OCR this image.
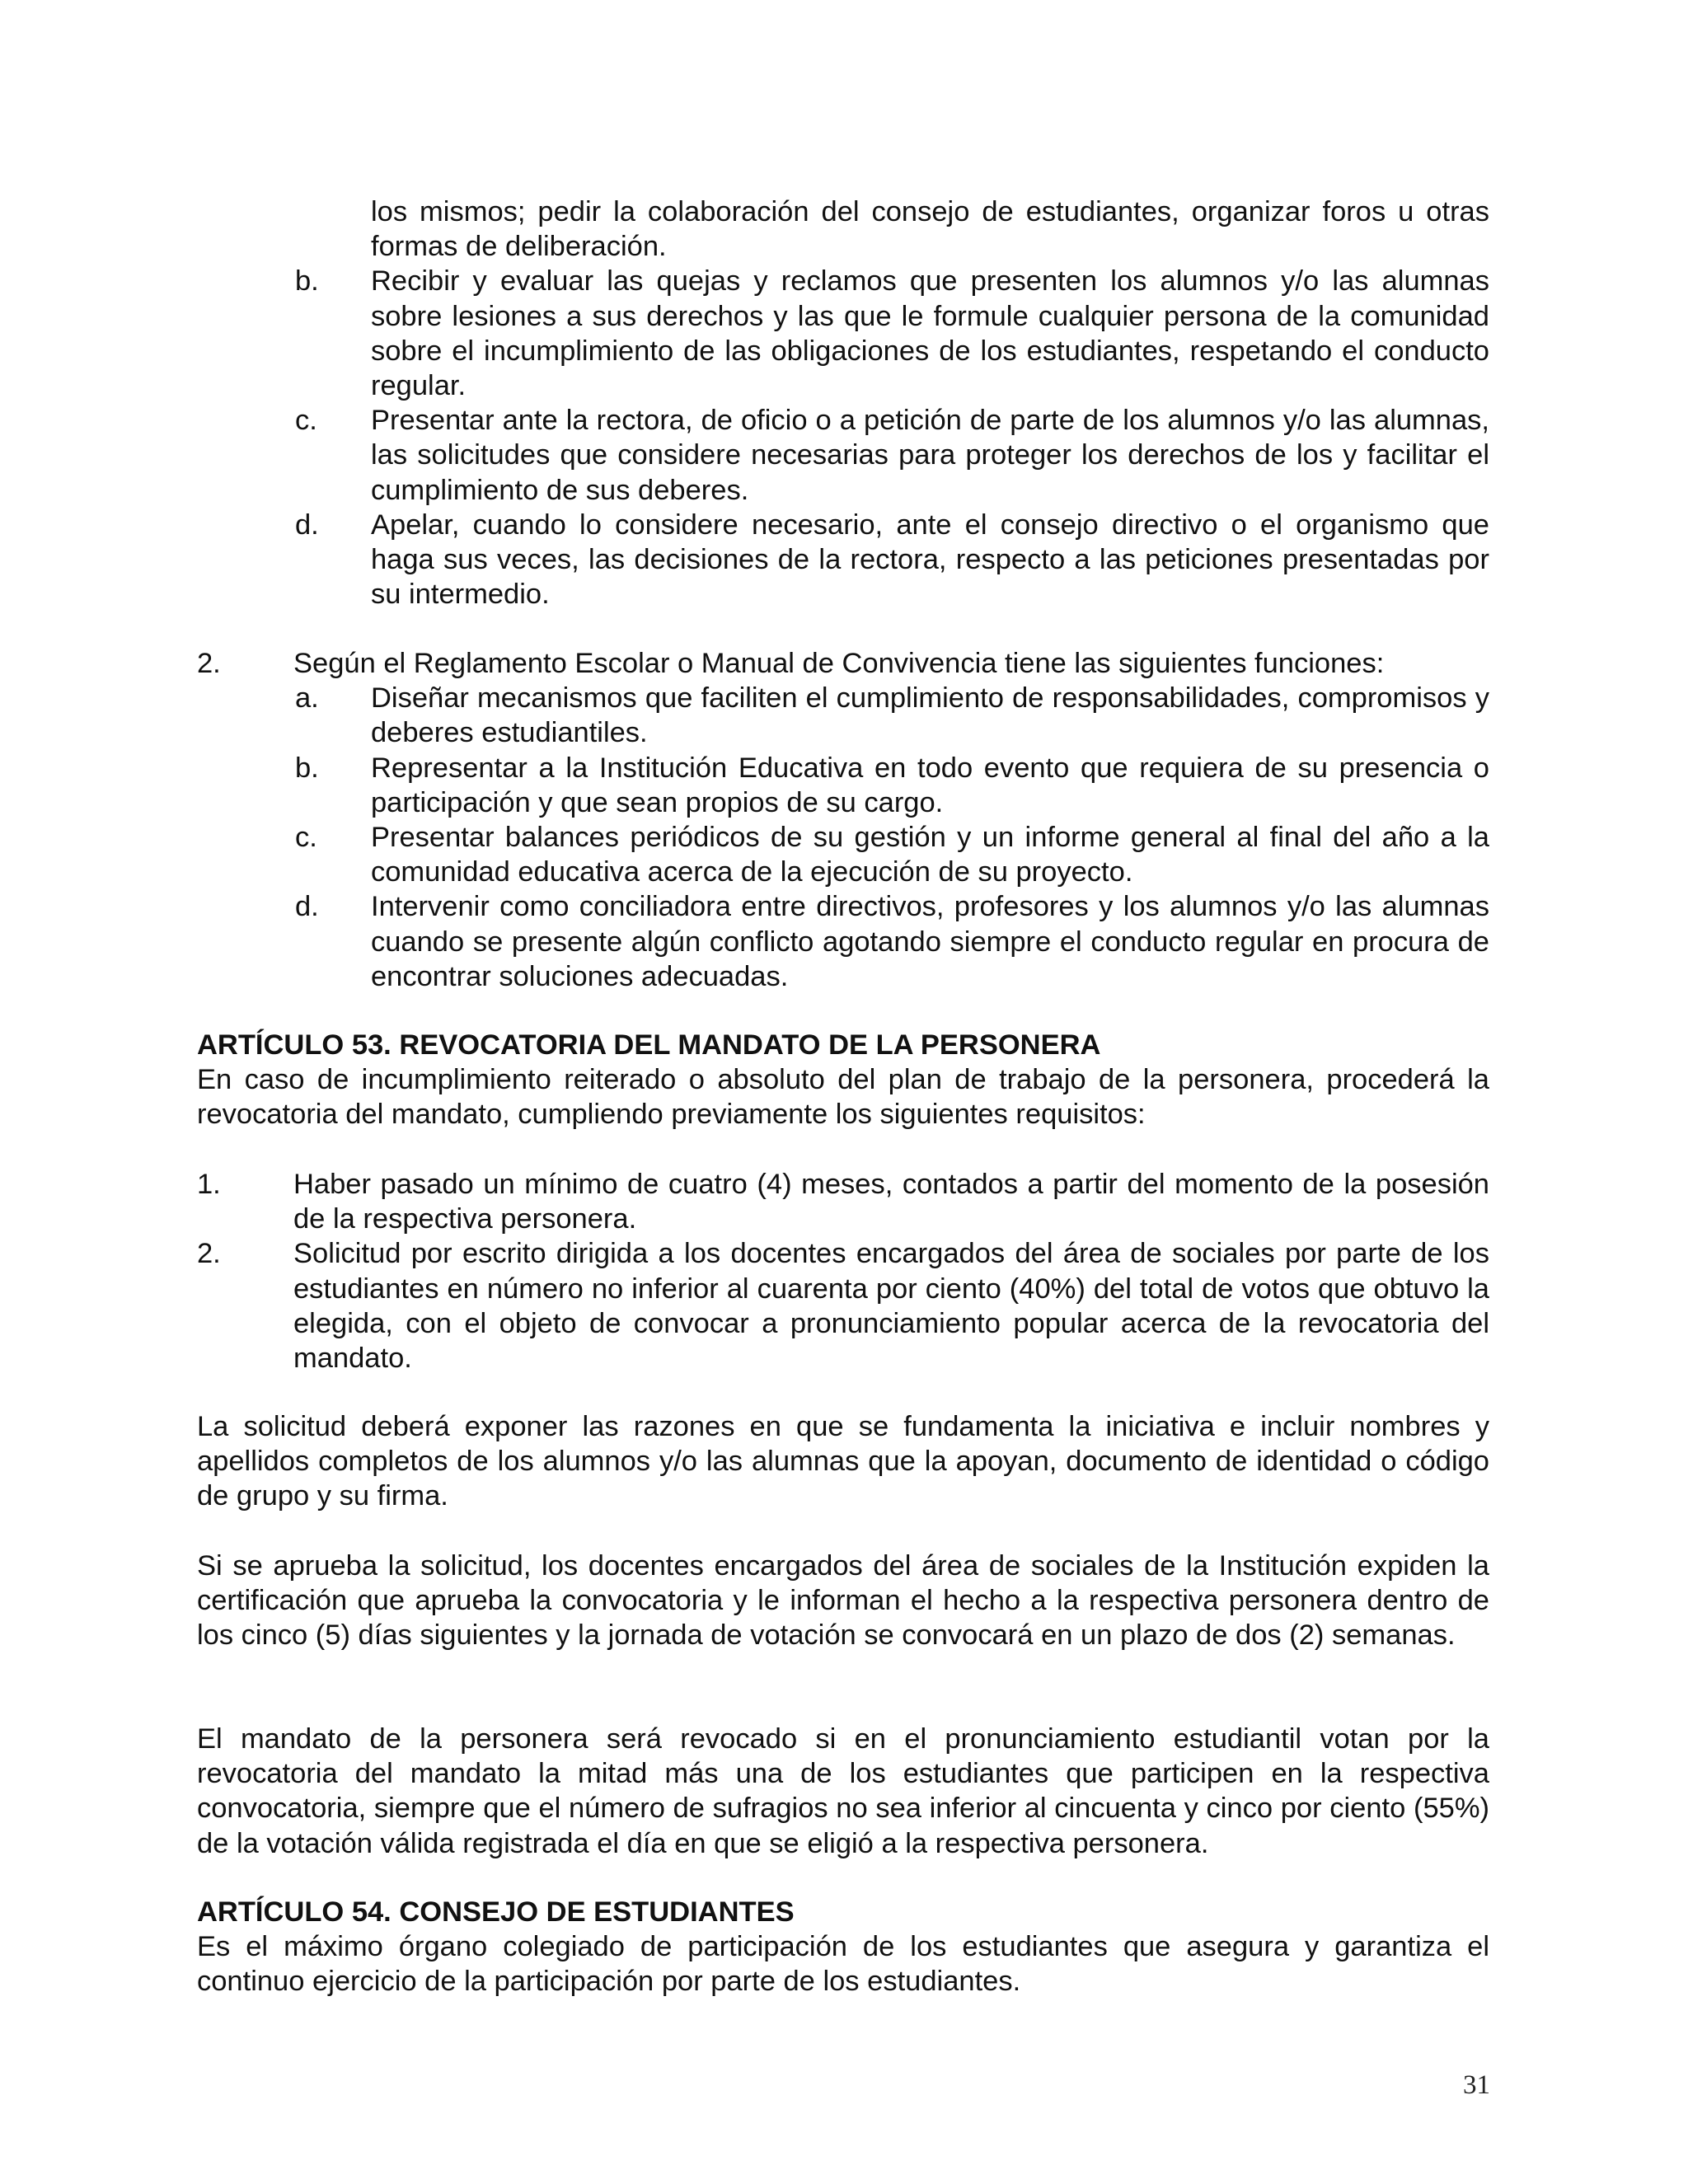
los mismos; pedir la colaboración del consejo de estudiantes, organizar foros u otras formas de deliberación.
b. Recibir y evaluar las quejas y reclamos que presenten los alumnos y/o las alumnas sobre lesiones a sus derechos y las que le formule cualquier persona de la comunidad sobre el incumplimiento de las obligaciones de los estudiantes, respetando el conducto regular.
c. Presentar ante la rectora, de oficio o a petición de parte de los alumnos y/o las alumnas, las solicitudes que considere necesarias para proteger los derechos de los y facilitar el cumplimiento de sus deberes.
d. Apelar, cuando lo considere necesario, ante el consejo directivo o el organismo que haga sus veces, las decisiones de la rectora, respecto a las peticiones presentadas por su intermedio.
2.	Según el Reglamento Escolar o Manual de Convivencia tiene las siguientes funciones:
a. Diseñar mecanismos que faciliten el cumplimiento de responsabilidades, compromisos y deberes estudiantiles.
b. Representar a la Institución Educativa en todo evento que requiera de su presencia o participación y que sean propios de su cargo.
c. Presentar balances periódicos de su gestión y un informe general al final del año a la comunidad educativa acerca de la ejecución de su proyecto.
d. Intervenir como conciliadora entre directivos, profesores y los alumnos y/o las alumnas cuando se presente algún conflicto agotando siempre el conducto regular en procura de encontrar soluciones adecuadas.
ARTÍCULO 53. REVOCATORIA DEL MANDATO DE LA PERSONERA
En caso de incumplimiento reiterado o absoluto del plan de trabajo de la personera, procederá la revocatoria del mandato, cumpliendo previamente los siguientes requisitos:
1.	Haber pasado un mínimo de cuatro (4) meses, contados a partir del momento de la posesión de la respectiva personera.
2.	Solicitud por escrito dirigida a los docentes encargados del área de sociales por parte de los estudiantes en número no inferior al cuarenta por ciento (40%) del total de votos que obtuvo la elegida, con el objeto de convocar a pronunciamiento popular acerca de la revocatoria del mandato.
La solicitud deberá exponer las razones en que se fundamenta la iniciativa e incluir nombres y apellidos completos de los alumnos y/o las alumnas que la apoyan, documento de identidad o código de grupo y su firma.
Si se aprueba la solicitud, los docentes encargados del área de sociales de la Institución expiden la certificación que aprueba la convocatoria y le informan el hecho a la respectiva personera dentro de los cinco (5) días siguientes y la jornada de votación se convocará en un plazo de dos (2) semanas.
El mandato de la personera será revocado si en el pronunciamiento estudiantil votan por la revocatoria del mandato la mitad más una de los estudiantes que participen en la respectiva convocatoria, siempre que el número de sufragios no sea inferior al cincuenta y cinco por ciento (55%) de la votación válida registrada el día en que se eligió a la respectiva personera.
ARTÍCULO 54. CONSEJO DE ESTUDIANTES
Es el máximo órgano colegiado de participación de los estudiantes que asegura y garantiza el continuo ejercicio de la participación por parte de los estudiantes.
31
